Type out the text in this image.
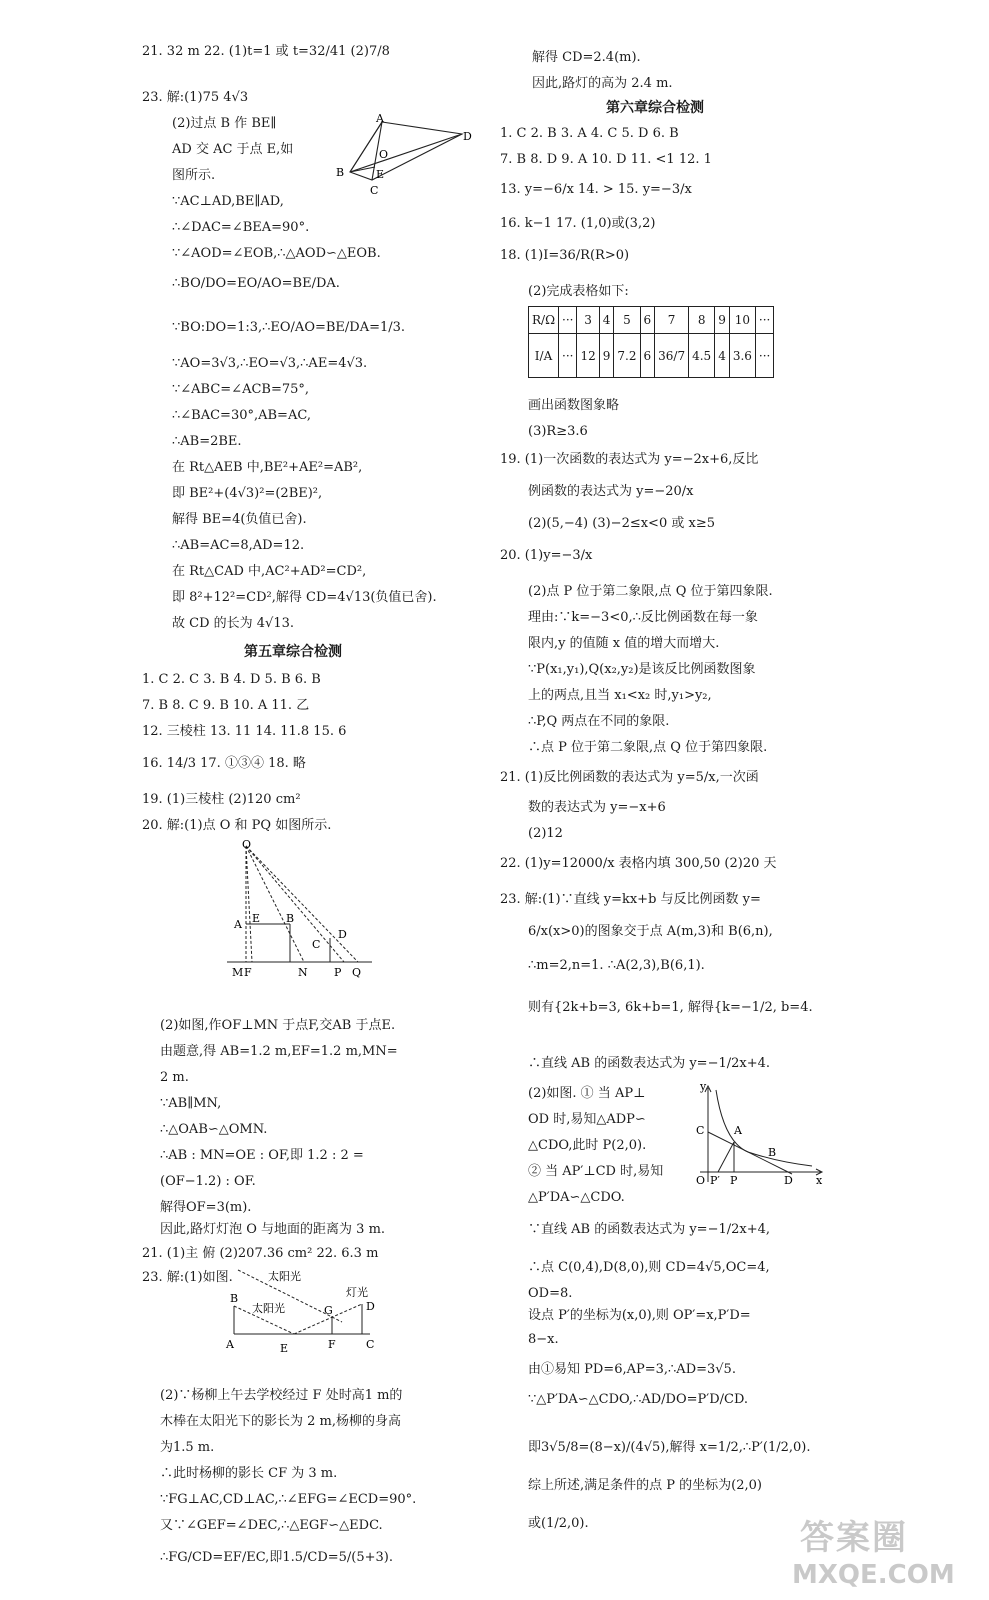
21. 32 m 22. (1)t=1 或 t=32/41 (2)7/8
23. 解:(1)75 4√3
(2)过点 B 作 BE∥
AD 交 AC 于点 E,如
图所示.
∵AC⊥AD,BE∥AD,
∴∠DAC=∠BEA=90°.
∵∠AOD=∠EOB,∴△AOD∽△EOB.
∴BO/DO=EO/AO=BE/DA.
∵BO:DO=1:3,∴EO/AO=BE/DA=1/3.
∵AO=3√3,∴EO=√3,∴AE=4√3.
∵∠ABC=∠ACB=75°,
∴∠BAC=30°,AB=AC,
∴AB=2BE.
在 Rt△AEB 中,BE²+AE²=AB²,
即 BE²+(4√3)²=(2BE)²,
解得 BE=4(负值已舍).
∴AB=AC=8,AD=12.
在 Rt△CAD 中,AC²+AD²=CD²,
即 8²+12²=CD²,解得 CD=4√13(负值已舍).
故 CD 的长为 4√13.
第五章综合检测
1. C 2. C 3. B 4. D 5. B 6. B
7. B 8. C 9. B 10. A 11. 乙
12. 三棱柱 13. 11 14. 11.8 15. 6
16. 14/3 17. ①③④ 18. 略
19. (1)三棱柱 (2)120 cm²
20. 解:(1)点 O 和 PQ 如图所示.
(2)如图,作OF⊥MN 于点F,交AB 于点E.
由题意,得 AB=1.2 m,EF=1.2 m,MN=
2 m.
∵AB∥MN,
∴△OAB∽△OMN.
∴AB : MN=OE : OF,即 1.2 : 2 =
(OF−1.2) : OF.
解得OF=3(m).
因此,路灯灯泡 O 与地面的距离为 3 m.
21. (1)主 俯 (2)207.36 cm² 22. 6.3 m
23. 解:(1)如图.
(2)∵杨柳上午去学校经过 F 处时高1 m的
木棒在太阳光下的影长为 2 m,杨柳的身高
为1.5 m.
∴此时杨柳的影长 CF 为 3 m.
∵FG⊥AC,CD⊥AC,∴∠EFG=∠ECD=90°.
又∵∠GEF=∠DEC,∴△EGF∽△EDC.
∴FG/CD=EF/EC,即1.5/CD=5/(5+3).
A
D
O
B	E
C
O
A E B
C
D
M F	N P Q
太阳光
灯光
太阳光
B
G	D
A	E	F	C
解得 CD=2.4(m).
因此,路灯的高为 2.4 m.
第六章综合检测
1. C 2. B 3. A 4. C 5. D 6. B
7. B 8. D 9. A 10. D 11. <1 12. 1
13. y=−6/x 14. > 15. y=−3/x
16. k−1 17. (1,0)或(3,2)
18. (1)I=36/R(R>0)
(2)完成表格如下:
R/Ω	···	3	4	5	6	7	8	9	10	···
I/A	···	12	9	7.2	6	36/7	4.5	4	3.6	···
画出函数图象略
(3)R≥3.6
19. (1)一次函数的表达式为 y=−2x+6,反比
例函数的表达式为 y=−20/x
(2)(5,−4) (3)−2≤x<0 或 x≥5
20. (1)y=−3/x
(2)点 P 位于第二象限,点 Q 位于第四象限.
理由:∵k=−3<0,∴反比例函数在每一象
限内,y 的值随 x 值的增大而增大.
∵P(x₁,y₁),Q(x₂,y₂)是该反比例函数图象
上的两点,且当 x₁<x₂ 时,y₁>y₂,
∴P,Q 两点在不同的象限.
∴点 P 位于第二象限,点 Q 位于第四象限.
21. (1)反比例函数的表达式为 y=5/x,一次函
数的表达式为 y=−x+6
(2)12
22. (1)y=12000/x 表格内填 300,50 (2)20 天
23. 解:(1)∵直线 y=kx+b 与反比例函数 y=
6/x(x>0)的图象交于点 A(m,3)和 B(6,n),
∴m=2,n=1. ∴A(2,3),B(6,1).
则有{2k+b=3, 6k+b=1, 解得{k=−1/2, b=4.
∴直线 AB 的函数表达式为 y=−1/2x+4.
(2)如图. ① 当 AP⊥
OD 时,易知△ADP∽
△CDO,此时 P(2,0).
② 当 AP′⊥CD 时,易知
△P′DA∽△CDO.
∵直线 AB 的函数表达式为 y=−1/2x+4,
∴点 C(0,4),D(8,0),则 CD=4√5,OC=4,
OD=8.
设点 P′的坐标为(x,0),则 OP′=x,P′D=
8−x.
由①易知 PD=6,AP=3,∴AD=3√5.
∵△P′DA∽△CDO,∴AD/DO=P′D/CD.
即3√5/8=(8−x)/(4√5),解得 x=1/2,∴P′(1/2,0).
综上所述,满足条件的点 P 的坐标为(2,0)
或(1/2,0).
y
C	A
B
O P′ P	D x
答案圈
MXQE.COM
